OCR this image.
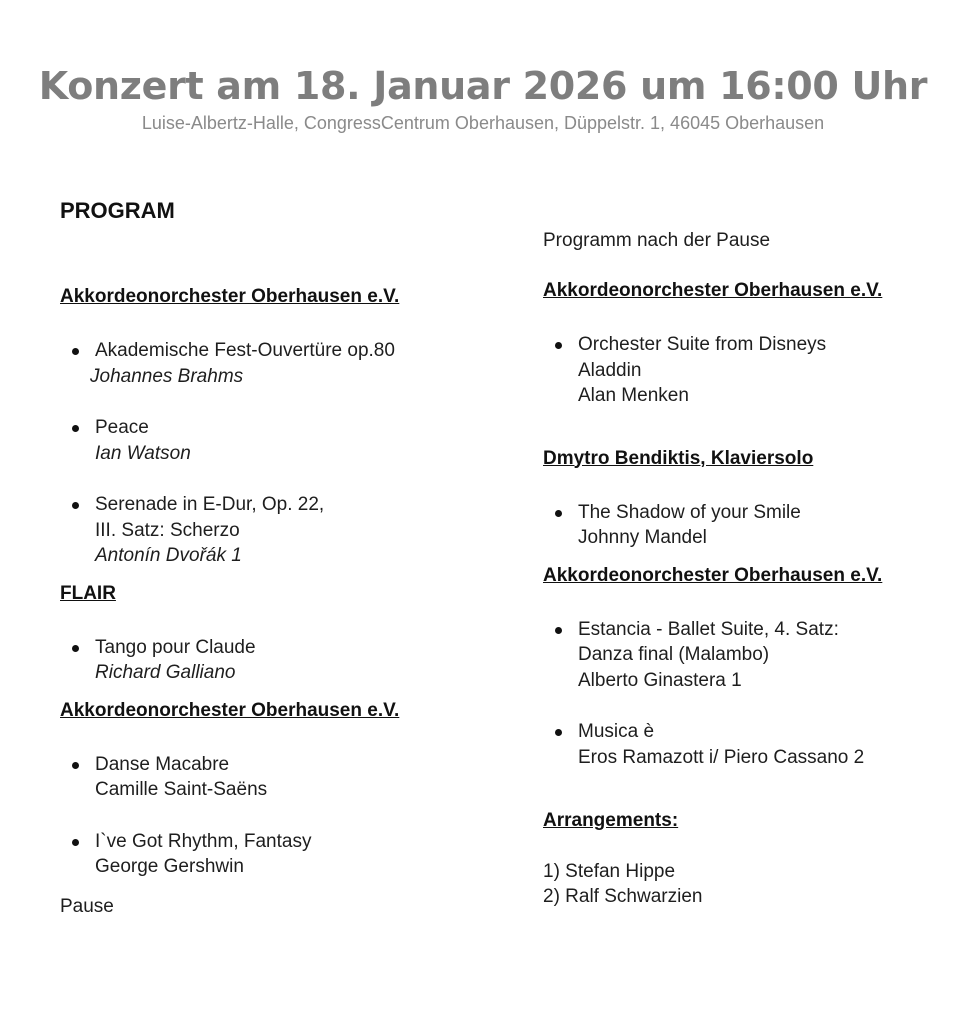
Konzert am 18. Januar 2026 um 16:00 Uhr
Luise-Albertz-Halle, CongressCentrum Oberhausen, Düppelstr. 1, 46045 Oberhausen
PROGRAM
Akkordeonorchester Oberhausen e.V.
Akademische Fest-Ouvertüre op.80
Johannes Brahms
Peace
Ian Watson
Serenade in E-Dur, Op. 22,
III. Satz: Scherzo
Antonín Dvořák 1
FLAIR
Tango pour Claude
Richard Galliano
Akkordeonorchester Oberhausen e.V.
Danse Macabre
Camille Saint-Saëns
I`ve Got Rhythm, Fantasy
George Gershwin
Pause
Programm nach der Pause
Akkordeonorchester Oberhausen e.V.
Orchester Suite from Disneys
Aladdin
Alan Menken
Dmytro Bendiktis, Klaviersolo
The Shadow of your Smile
Johnny Mandel
Akkordeonorchester Oberhausen e.V.
Estancia - Ballet Suite, 4. Satz:
Danza final (Malambo)
Alberto Ginastera 1
Musica è
Eros Ramazott i/ Piero Cassano 2
Arrangements:
1) Stefan Hippe
2) Ralf Schwarzien
